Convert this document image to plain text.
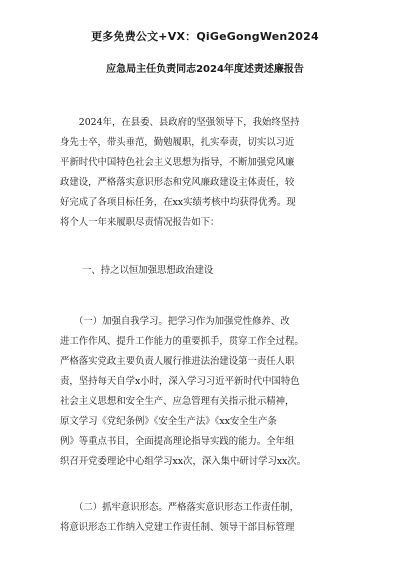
更多免费公文+VX：QiGeGongWen2024
应急局主任负责同志2024年度述责述廉报告
　　2024年，在县委、县政府的坚强领导下，我始终坚持
身先士卒，带头垂范，勤勉履职，扎实奉责，切实以习近
平新时代中国特色社会主义思想为指导，不断加强党风廉
政建设，严格落实意识形态和党风廉政建设主体责任，较
好完成了各项目标任务，在xx实绩考核中均获得优秀。现
将个人一年来履职尽责情况报告如下：
一、持之以恒加强思想政治建设
　　（一）加强自我学习。把学习作为加强党性修养、改
进工作作风、提升工作能力的重要抓手，贯穿工作全过程。
严格落实党政主要负责人履行推进法治建设第一责任人职
责，坚持每天自学x小时，深入学习习近平新时代中国特色
社会主义思想和安全生产、应急管理有关指示批示精神，
原文学习《党纪条例》《安全生产法》《xx安全生产条
例》等重点书目，全面提高理论指导实践的能力。全年组
织召开党委理论中心组学习xx次，深入集中研讨学习xx次。
　　（二）抓牢意识形态。严格落实意识形态工作责任制，
将意识形态工作纳入党建工作责任制、领导干部目标管理
